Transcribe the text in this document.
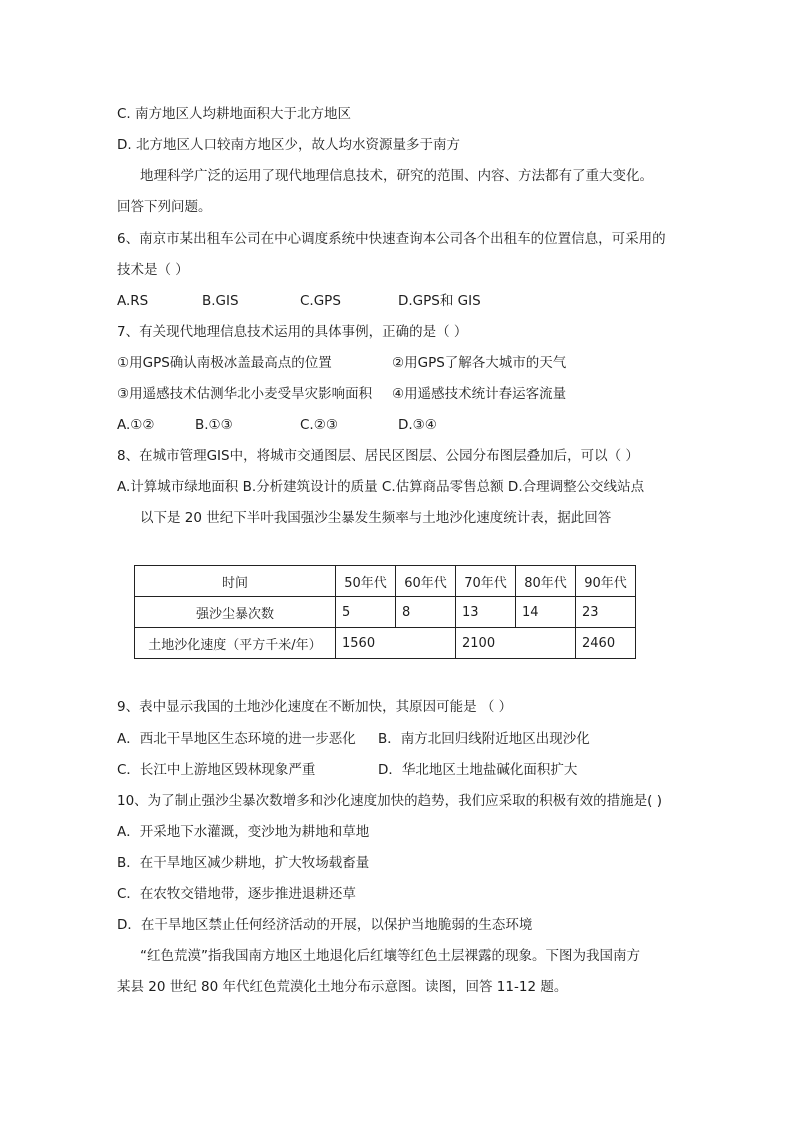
C. 南方地区人均耕地面积大于北方地区
D. 北方地区人口较南方地区少，故人均水资源量多于南方
地理科学广泛的运用了现代地理信息技术，研究的范围、内容、方法都有了重大变化。
回答下列问题。
6、南京市某出租车公司在中心调度系统中快速查询本公司各个出租车的位置信息，可采用的
技术是（ ）
A.RS	B.GIS	C.GPS	D.GPS和 GIS
7、有关现代地理信息技术运用的具体事例，正确的是（ ）
①用GPS确认南极冰盖最高点的位置	②用GPS了解各大城市的天气
③用遥感技术估测华北小麦受旱灾影响面积 ④用遥感技术统计春运客流量
A.①②	B.①③	C.②③	D.③④
8、在城市管理GIS中，将城市交通图层、居民区图层、公园分布图层叠加后，可以（ ）
A.计算城市绿地面积 B.分析建筑设计的质量 C.估算商品零售总额 D.合理调整公交线站点
以下是 20 世纪下半叶我国强沙尘暴发生频率与土地沙化速度统计表，据此回答
时间	50年代	60年代	70年代	80年代	90年代
强沙尘暴次数	5	8	13	14	23
土地沙化速度（平方千米/年）	1560		2100		2460
9、表中显示我国的土地沙化速度在不断加快，其原因可能是 （ ）
A．西北干旱地区生态环境的进一步恶化 B．南方北回归线附近地区出现沙化
C．长江中上游地区毁林现象严重	D．华北地区土地盐碱化面积扩大
10、为了制止强沙尘暴次数增多和沙化速度加快的趋势，我们应采取的积极有效的措施是( )
A．开采地下水灌溉，变沙地为耕地和草地
B．在干旱地区减少耕地，扩大牧场载畜量
C．在农牧交错地带，逐步推进退耕还草
D．在干旱地区禁止任何经济活动的开展，以保护当地脆弱的生态环境
“红色荒漠”指我国南方地区土地退化后红壤等红色土层裸露的现象。下图为我国南方
某县 20 世纪 80 年代红色荒漠化土地分布示意图。读图，回答 11-12 题。
